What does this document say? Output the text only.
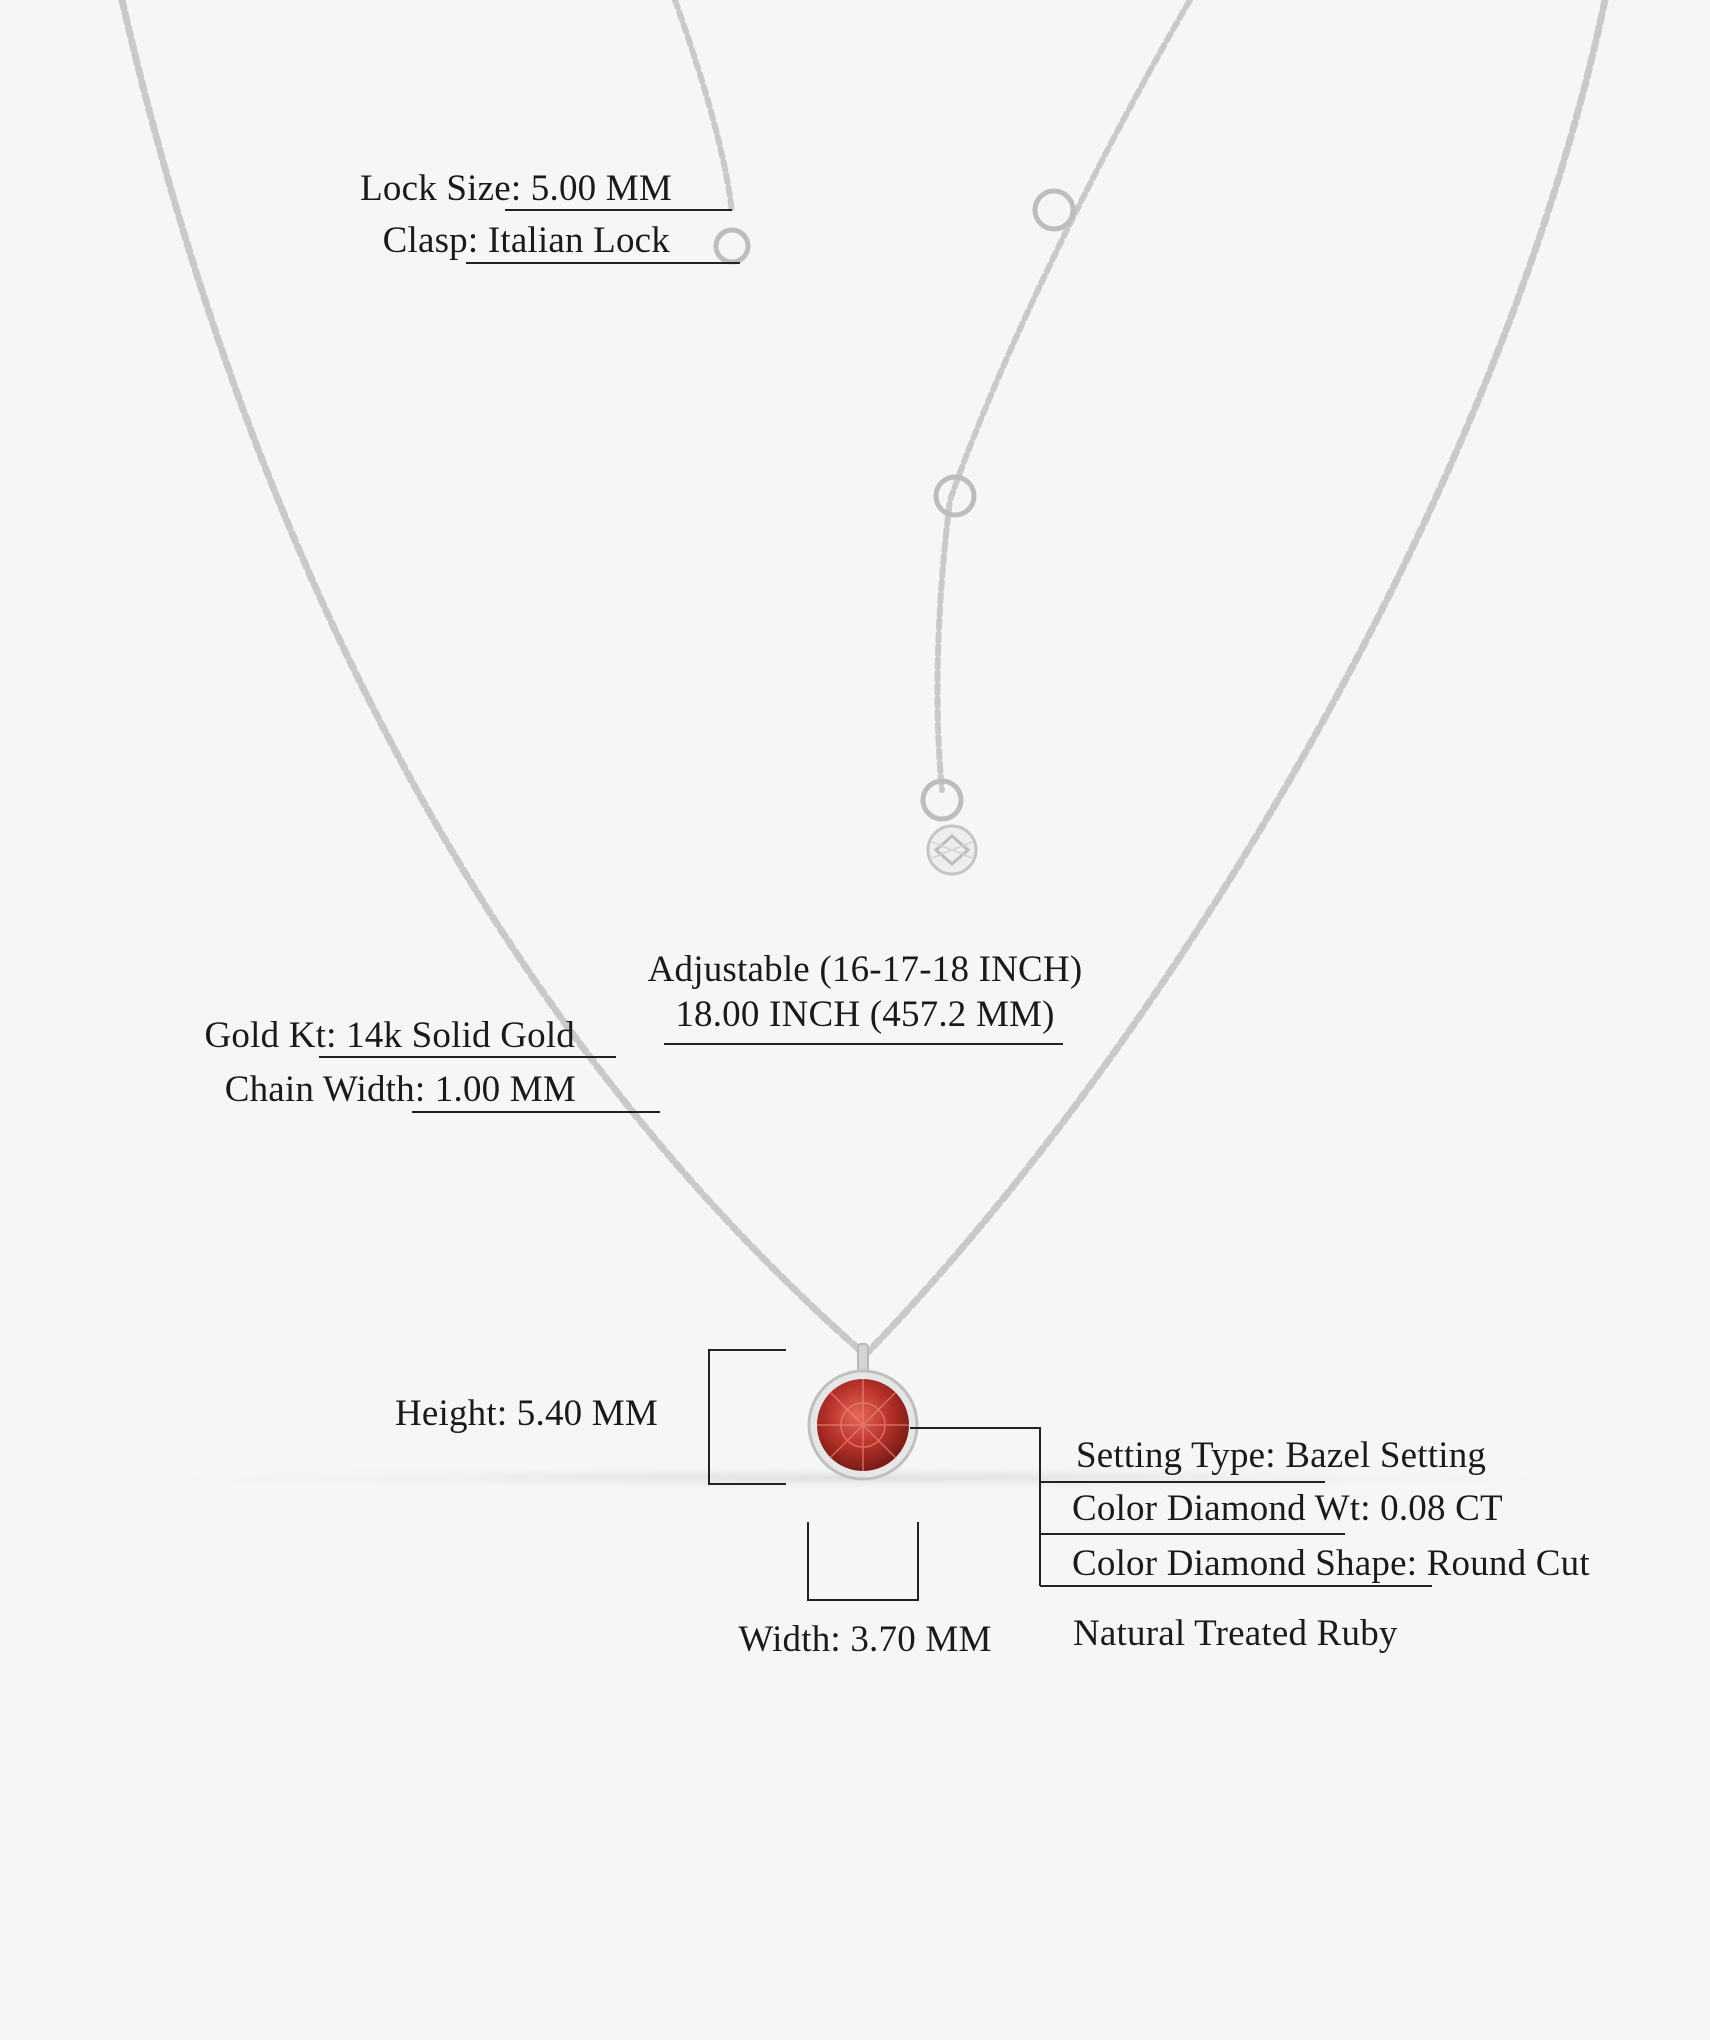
Lock Size: 5.00 MM
Clasp: Italian Lock
Adjustable (16-17-18 INCH)
18.00 INCH (457.2 MM)
Gold Kt: 14k Solid Gold
Chain Width: 1.00 MM
Height: 5.40 MM
Width: 3.70 MM
Setting Type: Bazel Setting
Color Diamond Wt: 0.08 CT
Color Diamond Shape: Round Cut
Natural Treated Ruby
